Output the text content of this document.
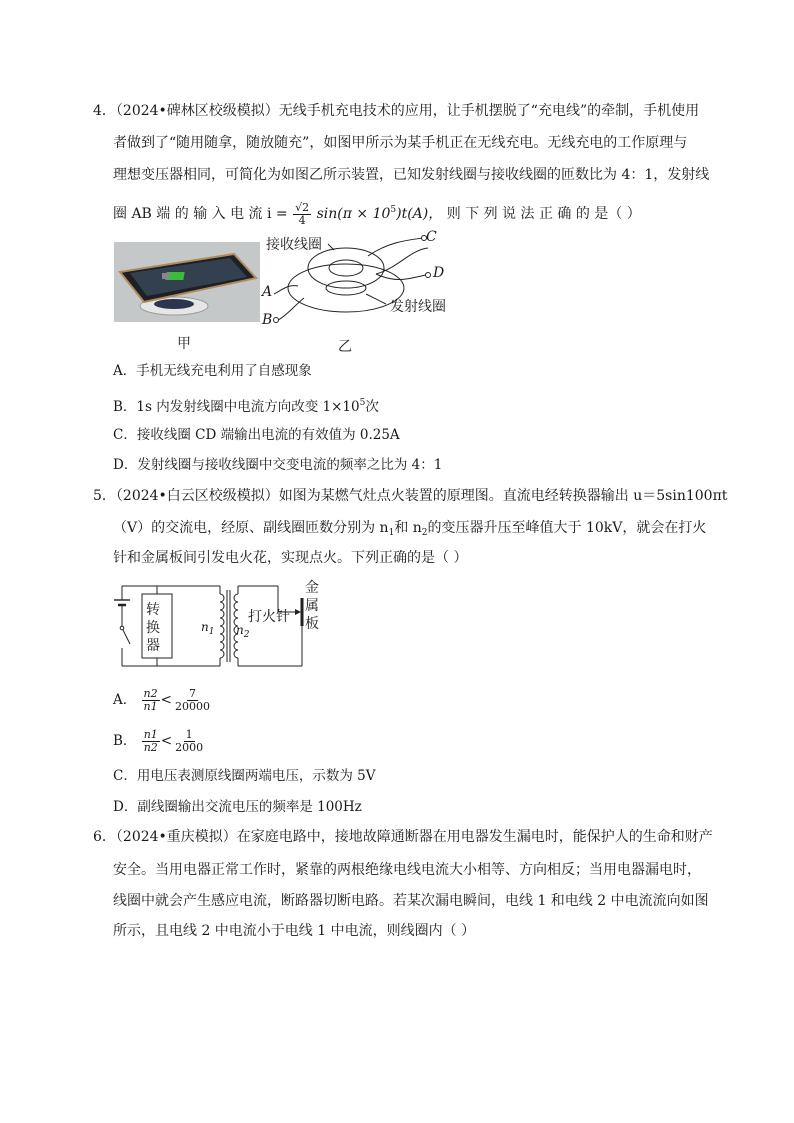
4．（2024•碑林区校级模拟）无线手机充电技术的应用，让手机摆脱了“充电线”的牵制，手机使用
者做到了“随用随拿，随放随充”，如图甲所示为某手机正在无线充电。无线充电的工作原理与
理想变压器相同，可简化为如图乙所示装置，已知发射线圈与接收线圈的匝数比为 4：1，发射线
圈 AB 端 的 输 入 电 流 $i = \frac{√2}{4} \sin(\pi \times 10^5)t(A)$， 则 下 列 说 法 正 确 的 是（ ）
甲
接收线圈
发射线圈
C
D
A
B
乙
A．手机无线充电利用了自感现象
B．1s 内发射线圈中电流方向改变 $1\times 10^5$次
C．接收线圈 CD 端输出电流的有效值为 0.25A
D．发射线圈与接收线圈中交变电流的频率之比为 4：1
5．（2024•白云区校级模拟）如图为某燃气灶点火装置的原理图。直流电经转换器输出 u＝5sin100πt
（V）的交流电，经原、副线圈匝数分别为 $n_1$和 $n_2$的变压器升压至峰值大于 10kV，就会在打火
针和金属板间引发电火花，实现点火。下列正确的是（ ）
转
换
器
$n_1$ $n_2$
打火针
金
属
板
A． $\frac{n2}{n1} < \frac{7}{20000}$
B． $\frac{n1}{n2} < \frac{1}{2000}$
C．用电压表测原线圈两端电压，示数为 5V
D．副线圈输出交流电压的频率是 100Hz
6．（2024•重庆模拟）在家庭电路中，接地故障通断器在用电器发生漏电时，能保护人的生命和财产
安全。当用电器正常工作时，紧靠的两根绝缘电线电流大小相等、方向相反；当用电器漏电时，
线圈中就会产生感应电流，断路器切断电路。若某次漏电瞬间，电线 1 和电线 2 中电流流向如图
所示，且电线 2 中电流小于电线 1 中电流，则线圈内（ ）
